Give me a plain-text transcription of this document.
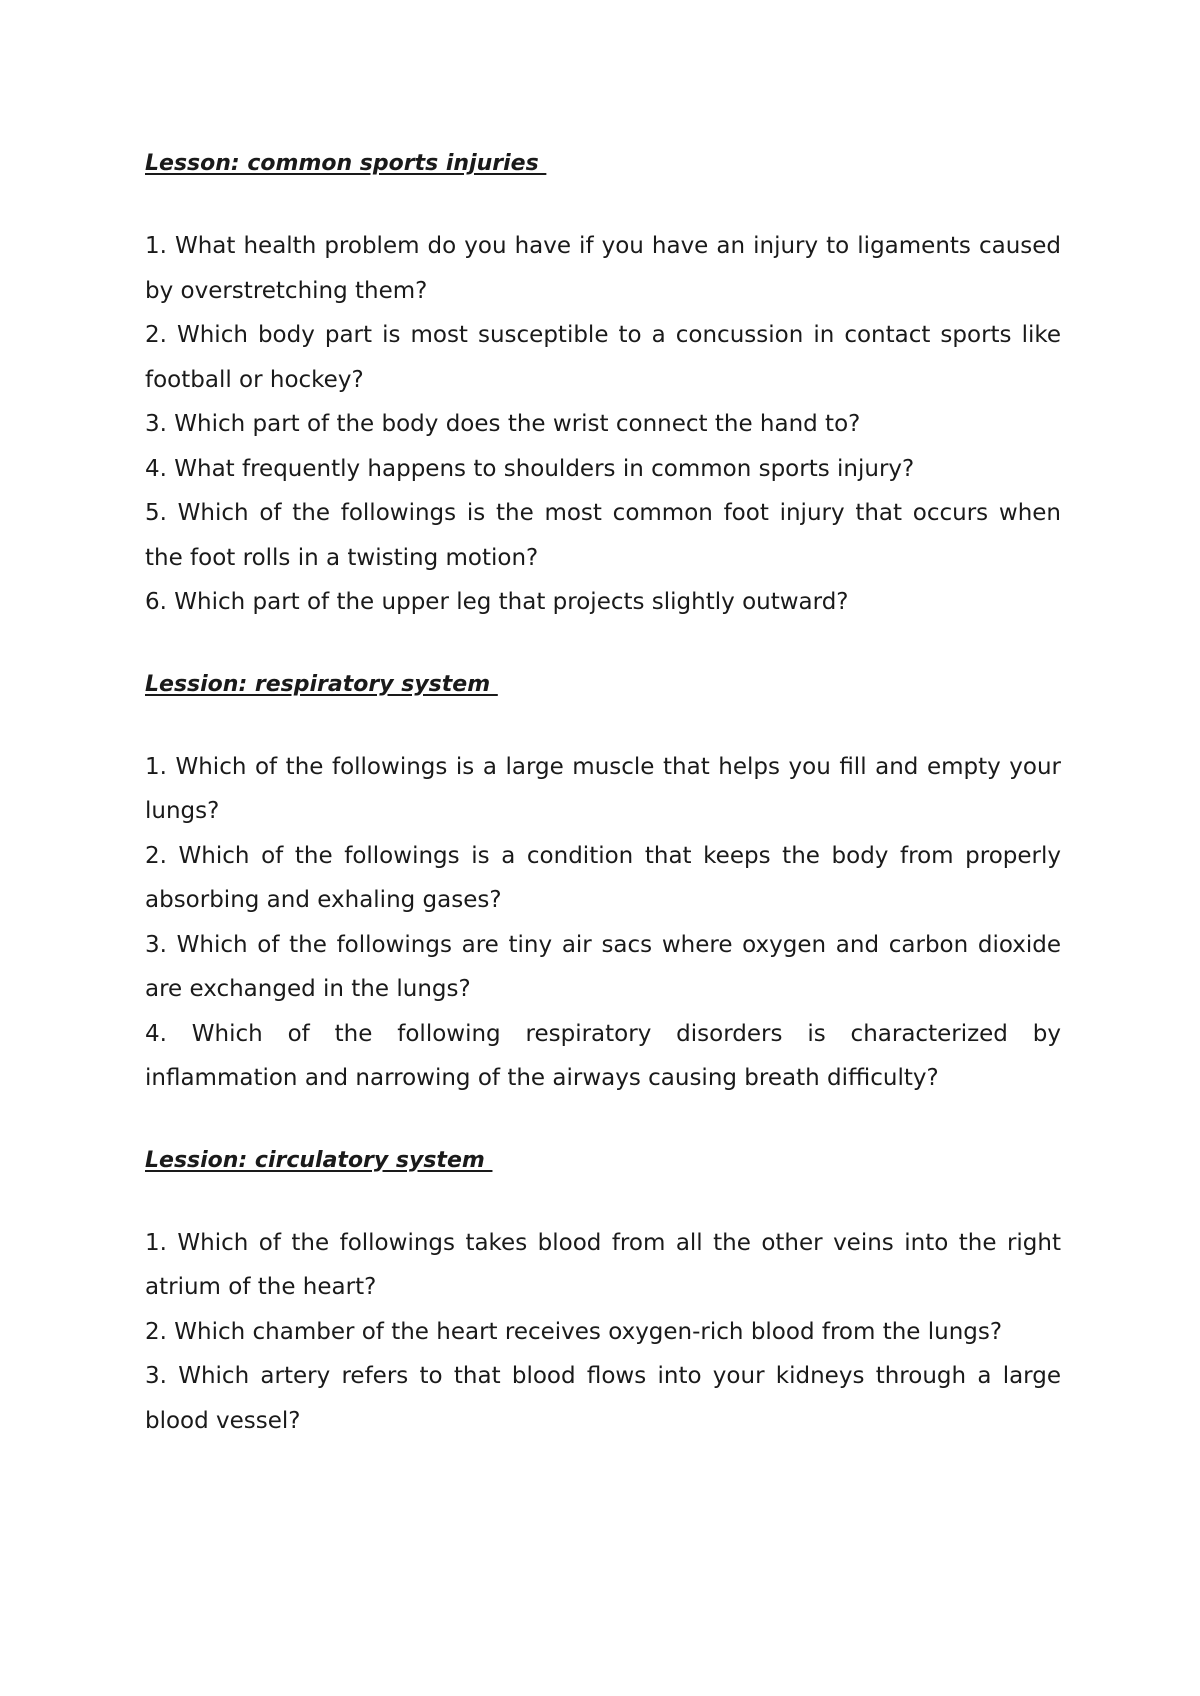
Lesson: common sports injuries

1. What health problem do you have if you have an injury to ligaments caused by overstretching them?

2. Which body part is most susceptible to a concussion in contact sports like football or hockey?

3. Which part of the body does the wrist connect the hand to?

4. What frequently happens to shoulders in common sports injury?

5. Which of the followings is the most common foot injury that occurs when the foot rolls in a twisting motion?

6. Which part of the upper leg that projects slightly outward?

Lession: respiratory system

1. Which of the followings is a large muscle that helps you fill and empty your lungs?

2. Which of the followings is a condition that keeps the body from properly absorbing and exhaling gases?

3. Which of the followings are tiny air sacs where oxygen and carbon dioxide are exchanged in the lungs?

4. Which of the following respiratory disorders is characterized by inflammation and narrowing of the airways causing breath difficulty?

Lession: circulatory system

1. Which of the followings takes blood from all the other veins into the right atrium of the heart?

2. Which chamber of the heart receives oxygen-rich blood from the lungs?

3. Which artery refers to that blood flows into your kidneys through a large blood vessel?
